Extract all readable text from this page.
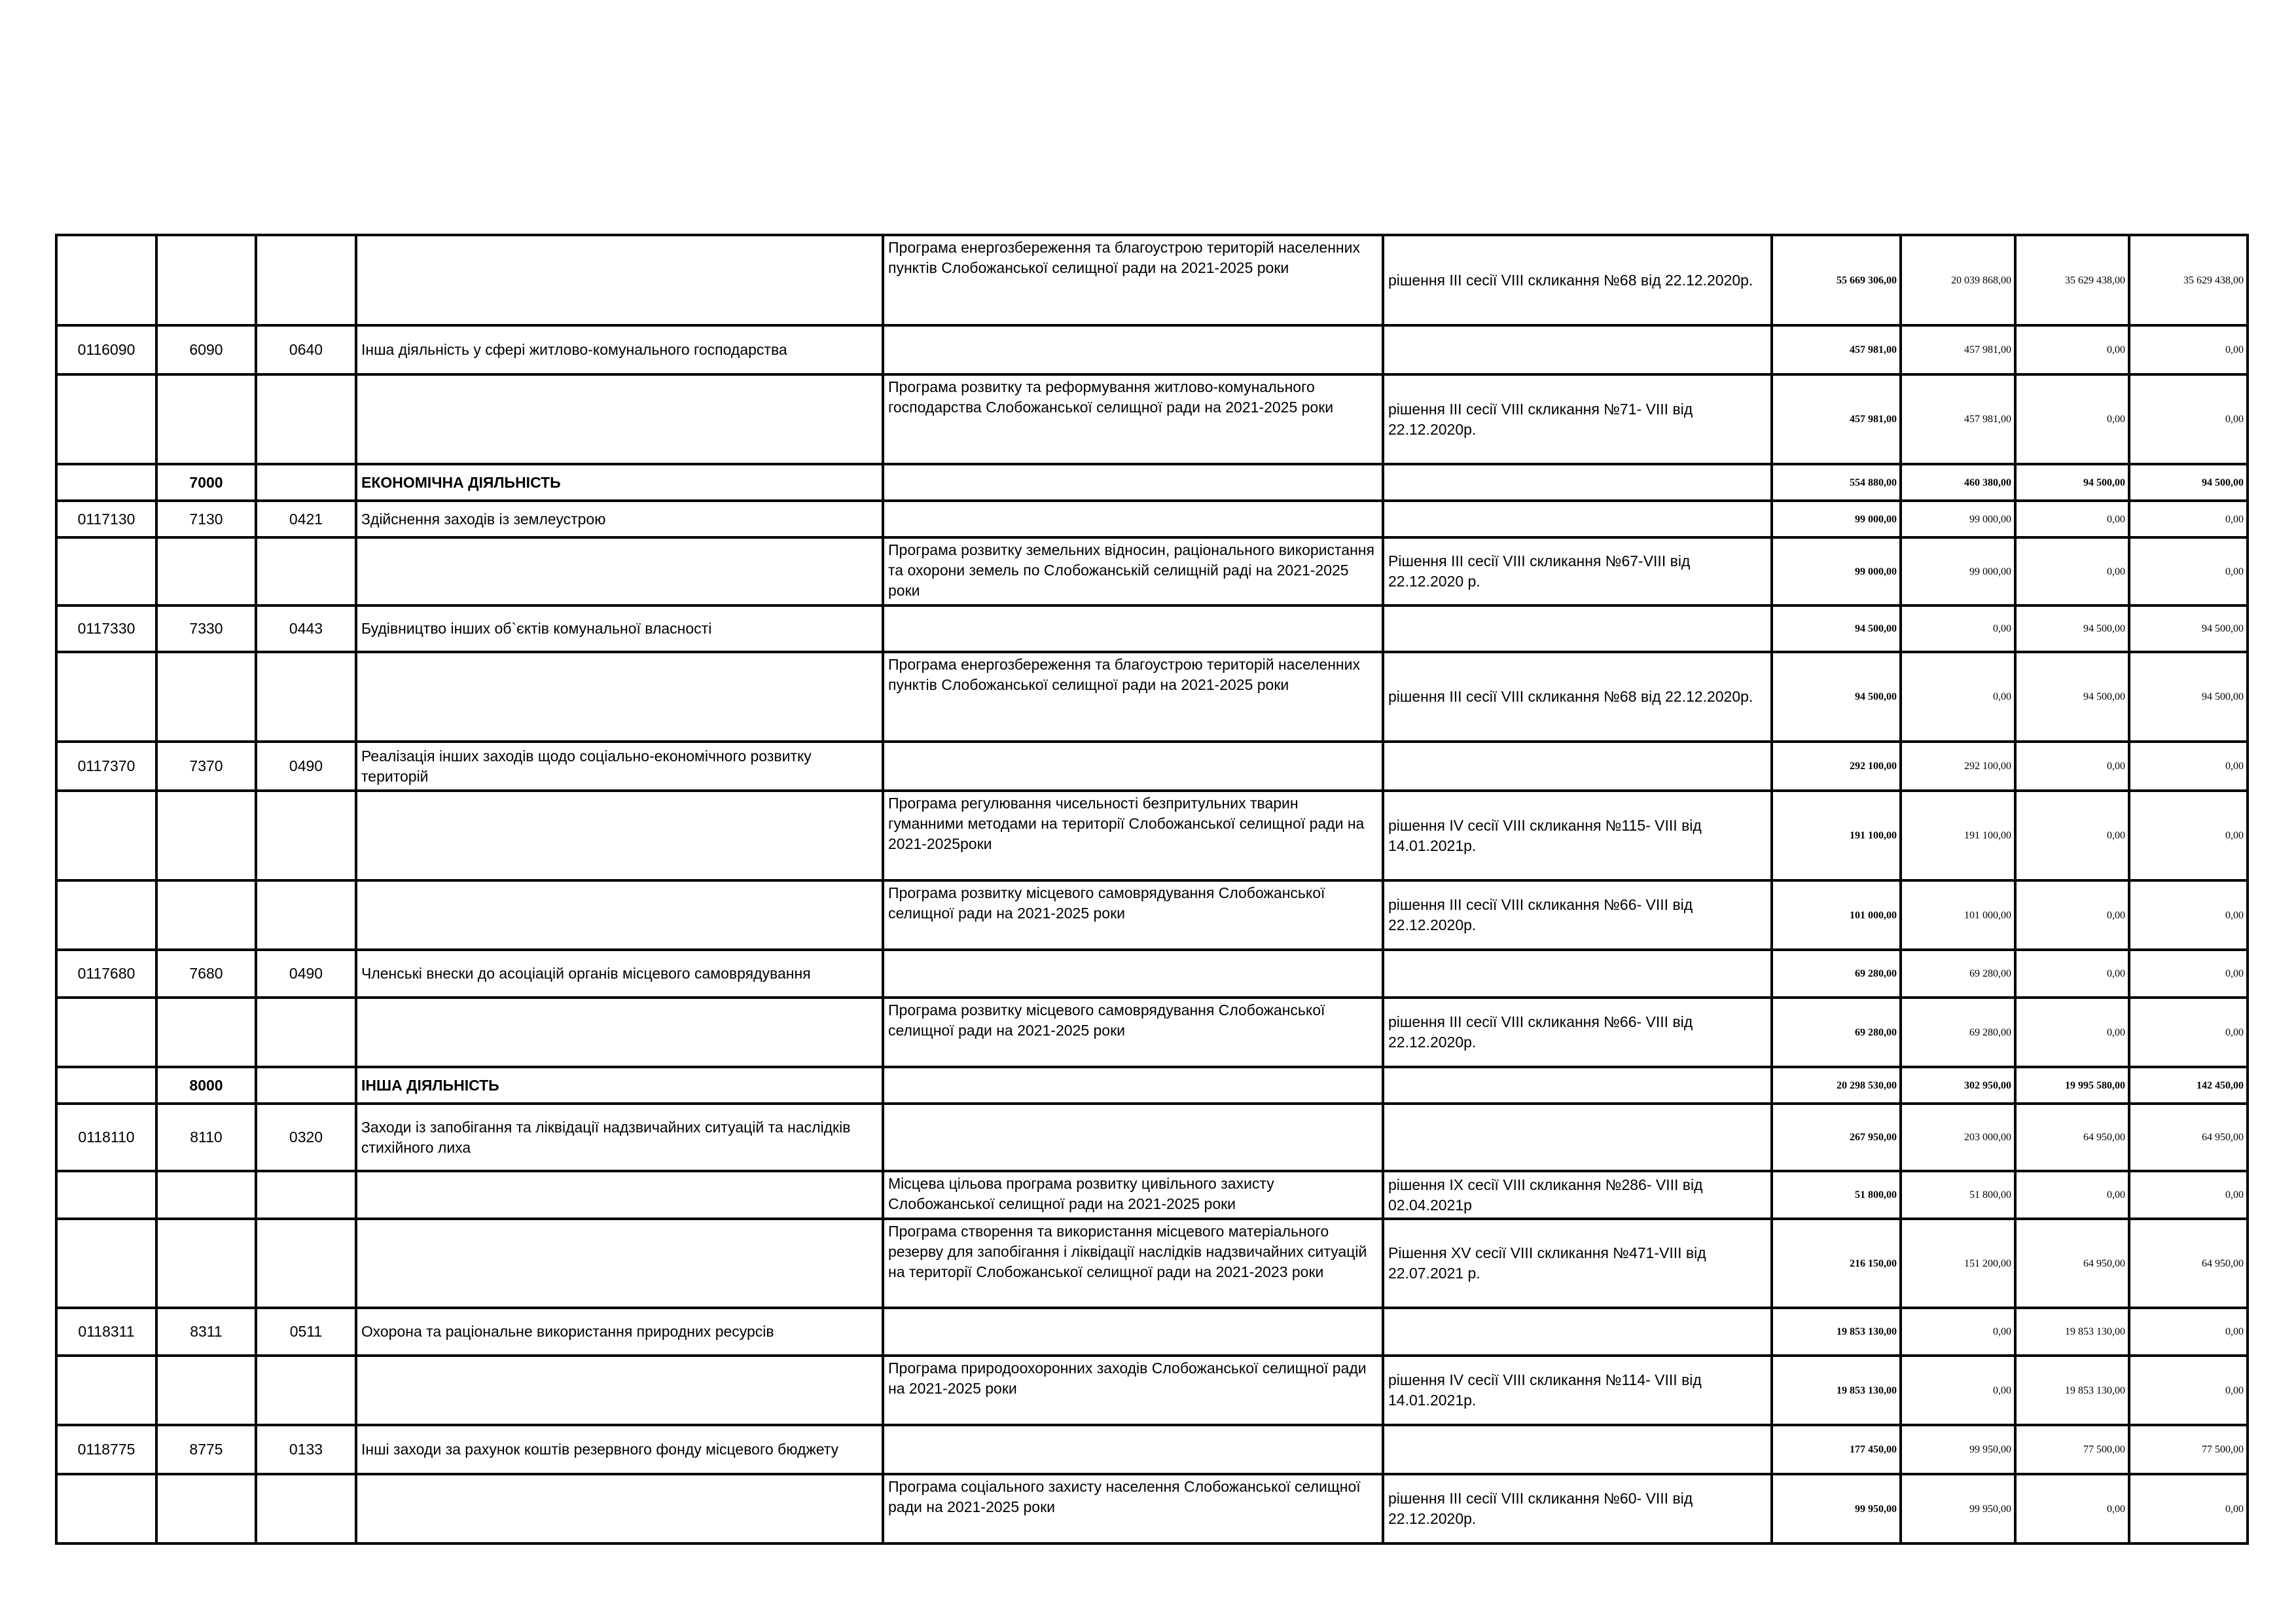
				Програма енергозбереження та благоустрою територій населенних пунктів Слобожанської селищної ради на 2021-2025 роки	рішення ІІІ сесії VІІІ скликання №68 від 22.12.2020р.	55 669 306,00	20 039 868,00	35 629 438,00	35 629 438,00
0116090	6090	0640	Інша діяльність у сфері житлово-комунального господарства			457 981,00	457 981,00	0,00	0,00
				Програма розвитку та реформування житлово-комунального господарства Слобожанської селищної ради на 2021-2025 роки	рішення ІІІ сесії VІІІ скликання №71- VІІІ від 22.12.2020р.	457 981,00	457 981,00	0,00	0,00
	7000		ЕКОНОМІЧНА ДІЯЛЬНІСТЬ			554 880,00	460 380,00	94 500,00	94 500,00
0117130	7130	0421	Здійснення заходів із землеустрою			99 000,00	99 000,00	0,00	0,00
				Програма розвитку земельних відносин, раціонального використання та охорони земель по Слобожанській селищній раді на 2021-2025 роки	Рішення ІІІ сесії VІІІ скликання №67-VІІІ від 22.12.2020 р.	99 000,00	99 000,00	0,00	0,00
0117330	7330	0443	Будівництво інших об`єктів комунальної власності			94 500,00	0,00	94 500,00	94 500,00
				Програма енергозбереження та благоустрою територій населенних пунктів Слобожанської селищної ради на 2021-2025 роки	рішення ІІІ сесії VІІІ скликання №68 від 22.12.2020р.	94 500,00	0,00	94 500,00	94 500,00
0117370	7370	0490	Реалізація інших заходів щодо соціально-економічного розвитку територій			292 100,00	292 100,00	0,00	0,00
				Програма регулювання чисельності безпритульних тварин гуманними методами на території Слобожанської селищної ради на 2021-2025роки	рішення ІV сесії VІІІ скликання №115- VІІІ від 14.01.2021р.	191 100,00	191 100,00	0,00	0,00
				Програма розвитку місцевого самоврядування Слобожанської селищної ради на 2021-2025 роки	рішення ІІІ сесії VІІІ скликання №66- VІІІ від 22.12.2020р.	101 000,00	101 000,00	0,00	0,00
0117680	7680	0490	Членські внески до асоціацій органів місцевого самоврядування			69 280,00	69 280,00	0,00	0,00
				Програма розвитку місцевого самоврядування Слобожанської селищної ради на 2021-2025 роки	рішення ІІІ сесії VІІІ скликання №66- VІІІ від 22.12.2020р.	69 280,00	69 280,00	0,00	0,00
	8000		ІНША ДІЯЛЬНІСТЬ			20 298 530,00	302 950,00	19 995 580,00	142 450,00
0118110	8110	0320	Заходи із запобігання та ліквідації надзвичайних ситуацій та наслідків стихійного лиха			267 950,00	203 000,00	64 950,00	64 950,00
				Місцева цільова програма розвитку цивільного захисту Слобожанської селищної ради на 2021-2025 роки	рішення ІХ сесії VІІІ скликання №286- VІІІ від 02.04.2021р	51 800,00	51 800,00	0,00	0,00
				Програма створення та використання місцевого матеріального резерву для запобігання і ліквідації наслідків надзвичайних ситуацій на території Слобожанської селищної ради на 2021-2023 роки	Рішення ХV сесії VІІІ скликання №471-VІІІ від 22.07.2021 р.	216 150,00	151 200,00	64 950,00	64 950,00
0118311	8311	0511	Охорона та раціональне використання природних ресурсів			19 853 130,00	0,00	19 853 130,00	0,00
				Програма природоохоронних заходів Слобожанської селищної ради на 2021-2025 роки	рішення ІV сесії VІІІ скликання №114- VІІІ від 14.01.2021р.	19 853 130,00	0,00	19 853 130,00	0,00
0118775	8775	0133	Інші заходи за рахунок коштів резервного фонду місцевого бюджету			177 450,00	99 950,00	77 500,00	77 500,00
				Програма соціального захисту населення Слобожанської селищної ради на 2021-2025 роки	рішення ІІІ сесії VІІІ скликання №60- VІІІ від 22.12.2020р.	99 950,00	99 950,00	0,00	0,00
